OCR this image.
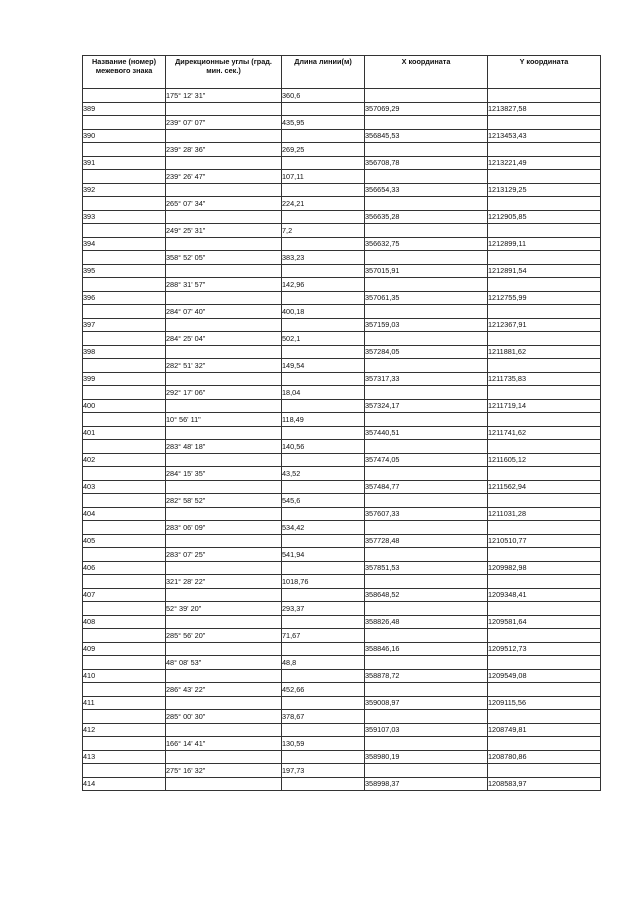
Название (номер) межевого знака	Дирекционные углы (град. мин. сек.)	Длина линии(м)	X координата	Y координата
	175° 12' 31"	360,6		
389			357069,29	1213827,58
	239° 07' 07"	435,95		
390			356845,53	1213453,43
	239° 28' 36"	269,25		
391			356708,78	1213221,49
	239° 26' 47"	107,11		
392			356654,33	1213129,25
	265° 07' 34"	224,21		
393			356635,28	1212905,85
	249° 25' 31"	7,2		
394			356632,75	1212899,11
	358° 52' 05"	383,23		
395			357015,91	1212891,54
	288° 31' 57"	142,96		
396			357061,35	1212755,99
	284° 07' 40"	400,18		
397			357159,03	1212367,91
	284° 25' 04"	502,1		
398			357284,05	1211881,62
	282° 51' 32"	149,54		
399			357317,33	1211735,83
	292° 17' 06"	18,04		
400			357324,17	1211719,14
	10° 56' 11"	118,49		
401			357440,51	1211741,62
	283° 48' 18"	140,56		
402			357474,05	1211605,12
	284° 15' 35"	43,52		
403			357484,77	1211562,94
	282° 58' 52"	545,6		
404			357607,33	1211031,28
	283° 06' 09"	534,42		
405			357728,48	1210510,77
	283° 07' 25"	541,94		
406			357851,53	1209982,98
	321° 28' 22"	1018,76		
407			358648,52	1209348,41
	52° 39' 20"	293,37		
408			358826,48	1209581,64
	285° 56' 20"	71,67		
409			358846,16	1209512,73
	48° 08' 53"	48,8		
410			358878,72	1209549,08
	286° 43' 22"	452,66		
411			359008,97	1209115,56
	285° 00' 30"	378,67		
412			359107,03	1208749,81
	166° 14' 41"	130,59		
413			358980,19	1208780,86
	275° 16' 32"	197,73		
414			358998,37	1208583,97
